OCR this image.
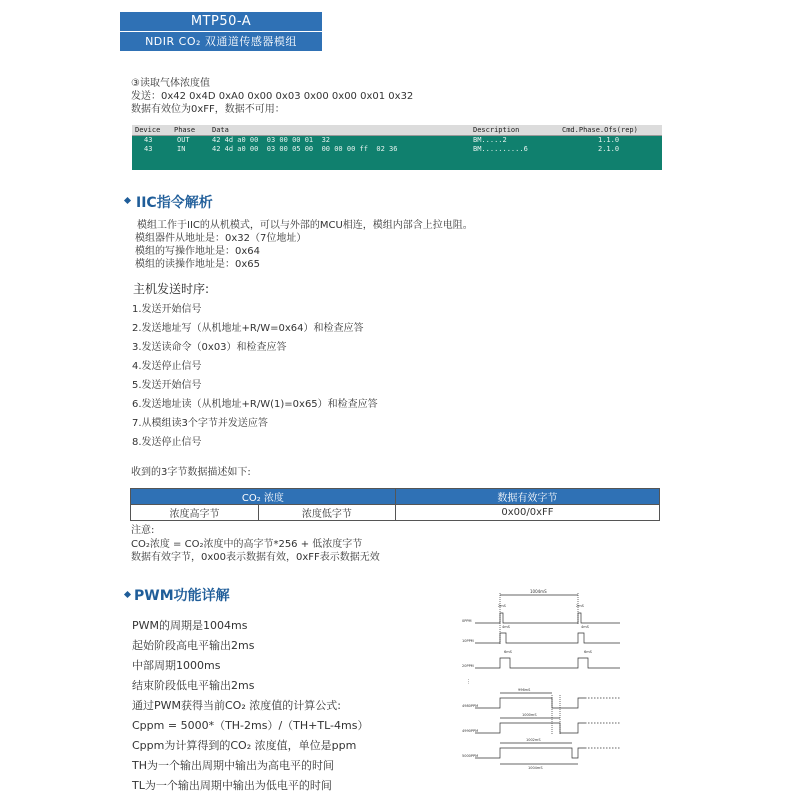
MTP50-A
NDIR CO₂ 双通道传感器模组
③读取气体浓度值
发送：0x42 0x4D 0xA0 0x00 0x03 0x00 0x00 0x01 0x32
数据有效位为0xFF，数据不可用：
Device Phase Data	Description	Cmd.Phase.Ofs(rep)
43	OUT	42 4d a0 00  03 00 00 01  32	BM.....2	1.1.0
43	IN	42 4d a0 00  03 00 05 00  00 00 00 ff  02 36	BM..........6	2.1.0
IIC指令解析
模组工作于IIC的从机模式，可以与外部的MCU相连，模组内部含上拉电阻。
模组器件从地址是：0x32（7位地址）
模组的写操作地址是：0x64
模组的读操作地址是：0x65
主机发送时序:
1.发送开始信号
2.发送地址写（从机地址+R/W=0x64）和检查应答
3.发送读命令（0x03）和检查应答
4.发送停止信号
5.发送开始信号
6.发送地址读（从机地址+R/W(1)=0x65）和检查应答
7.从模组读3个字节并发送应答
8.发送停止信号
收到的3字节数据描述如下:
CO₂ 浓度		数据有效字节
浓度高字节	浓度低字节	0x00/0xFF
注意:
CO₂浓度 = CO₂浓度中的高字节*256 + 低浓度字节
数据有效字节，0x00表示数据有效，0xFF表示数据无效
PWM功能详解
PWM的周期是1004ms
起始阶段高电平输出2ms
中部周期1000ms
结束阶段低电平输出2ms
通过PWM获得当前CO₂ 浓度值的计算公式:
Cppm = 5000*（TH-2ms）/（TH+TL-4ms）
Cppm为计算得到的CO₂ 浓度值，单位是ppm
TH为一个输出周期中输出为高电平的时间
TL为一个输出周期中输出为低电平的时间
1004mS
0PPM
2mS	2mS
10PPM
4mS	4mS
20PPM
6mS	6mS
⋮
4980PPM
996mS
4990PPM
1000mS
5000PPM
1002mS
1004mS
